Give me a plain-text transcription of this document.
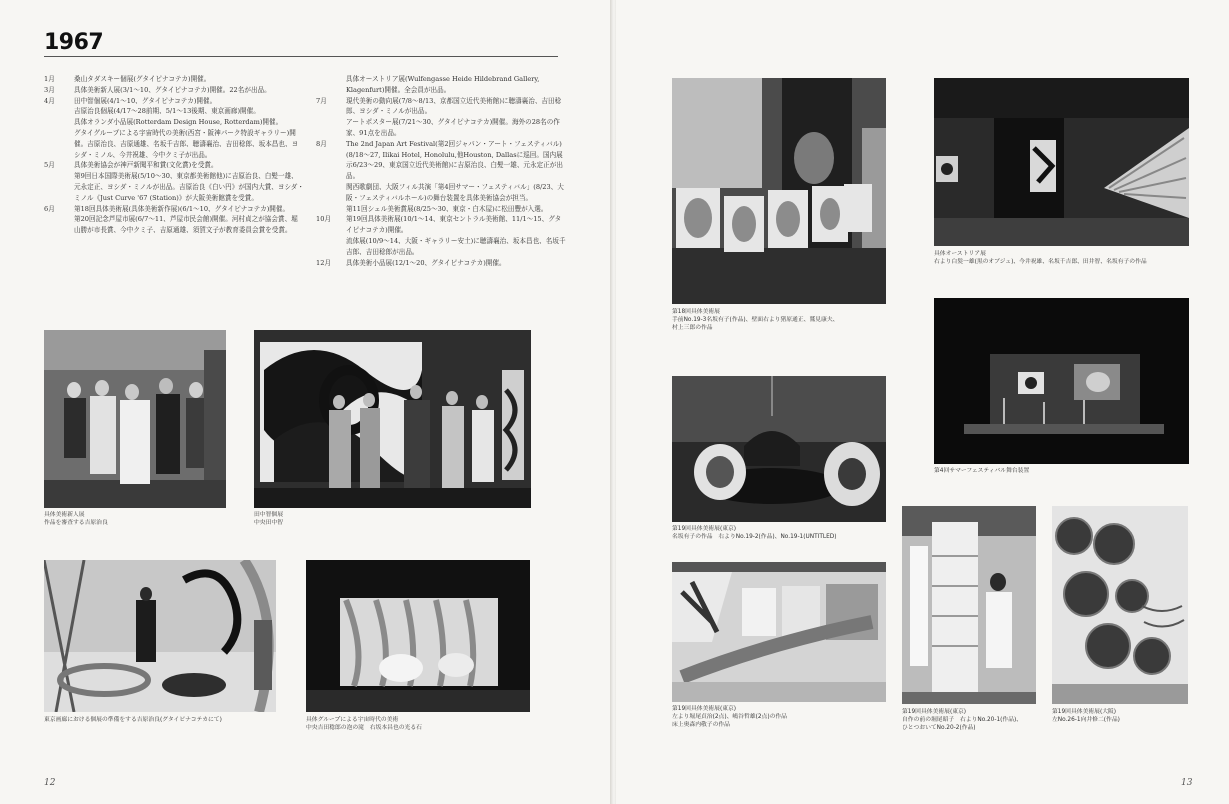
1967
1月	桑山タダスキー個展(グタイピナコテカ)開催。
3月	具体美術新人展(3/1〜10、グタイピナコテカ)開催。22名が出品。
4月	田中智個展(4/1〜10、グタイピナコテカ)開催。
吉原治良個展(4/17〜28前期、5/1〜13後期、東京画廊)開催。
具体オランダ小品展(Rotterdam Design House, Rotterdam)開催。
グタイグループによる宇宙時代の美術(西宮・阪神パーク特設ギャラリー)開催。吉原治良、吉原通雄、名坂千吉郎、聴濤襄治、吉田稔郎、坂本昌也、ヨシダ・ミノル、今井祝雄、今中クミ子が出品。
5月	具体美術協会が神戸新聞平和賞(文化賞)を受賞。
第9回日本国際美術展(5/10〜30、東京都美術館他)に吉原治良、白髪一雄、元永定正、ヨシダ・ミノルが出品。吉原治良《白い円》が国内大賞、ヨシダ・ミノル《Just Curve '67 (Station)》が大阪美術館賞を受賞。
6月	第18回具体美術展(具体美術新作展)(6/1〜10、グタイピナコテカ)開催。
第20回記念芦屋市展(6/7〜11、芦屋市民会館)開催。河村貞之が協会賞、堀山勝が市長賞、今中クミ子、吉原通雄、須賀文子が教育委員会賞を受賞。
具体オーストリア展(Wulfengasse Heide Hildebrand Gallery, Klagenfurt)開催。全会員が出品。
7月	現代美術の動向展(7/8〜8/13、京都国立近代美術館)に聴濤襄治、吉田稔郎、ヨシダ・ミノルが出品。
アートポスター展(7/21〜30、グタイピナコテカ)開催。海外の28名の作家、91点を出品。
8月	The 2nd Japan Art Festival(第2回ジャパン・アート・フェスティバル)(8/18〜27, Ilikai Hotel, Honolulu,他Houston, Dallasに巡回。国内展示6/23〜29、東京国立近代美術館)に吉原治良、白髪一雄、元永定正が出品。
関西歌劇団、大阪フィル共演「第4回サマー・フェスティバル」(8/23、大阪・フェスティバルホール)の舞台装置を具体美術協会が担当。
第11回シェル美術賞展(8/25〜30、東京・白木屋)に松田豐が入選。
10月	第19回具体美術展(10/1〜14、東京セントラル美術館、11/1〜15、グタイピナコテカ)開催。
流体展(10/9〜14、大阪・ギャラリー安土)に聴濤襄治、坂本昌也、名坂千吉郎、吉田稔郎が出品。
12月	具体美術小品展(12/1〜20、グタイピナコテカ)開催。
具体美術新人展
作品を審査する吉原治良
田中智個展
中央田中智
東京画廊における個展の準備をする吉原治良(グタイピナコテカにて)	具体グループによる宇宙時代の美術
中央吉田稔郎の泡の滝　右坂本昌也の光る石
12
第18回具体美術展
手前No.19-3名坂有子(作品)、壁面右より猪原通正、鷲見康夫、
村上三郎の作品
具体オーストリア展
右より白髪一雄(黒のオブジェ)、今井祝雄、名坂千吉郎、田井智、名坂有子の作品
第19回具体美術展(東京)
名坂有子の作品　右よりNo.19-2(作品)、No.19-1(UNTITLED)
第4回サマーフェスティバル舞台装置
第19回具体美術展(東京)
左より堀尾貞治(2点)、嶋谷哲雄(2点)の作品
床上奥森内敬子の作品
第19回具体美術展(東京)
自作の前の堀尾昭子　右よりNo.20-1(作品)、
ひとつおいてNo.20-2(作品)
第19回具体美術展(大阪)
左No.26-1向井修二(作品)
13
